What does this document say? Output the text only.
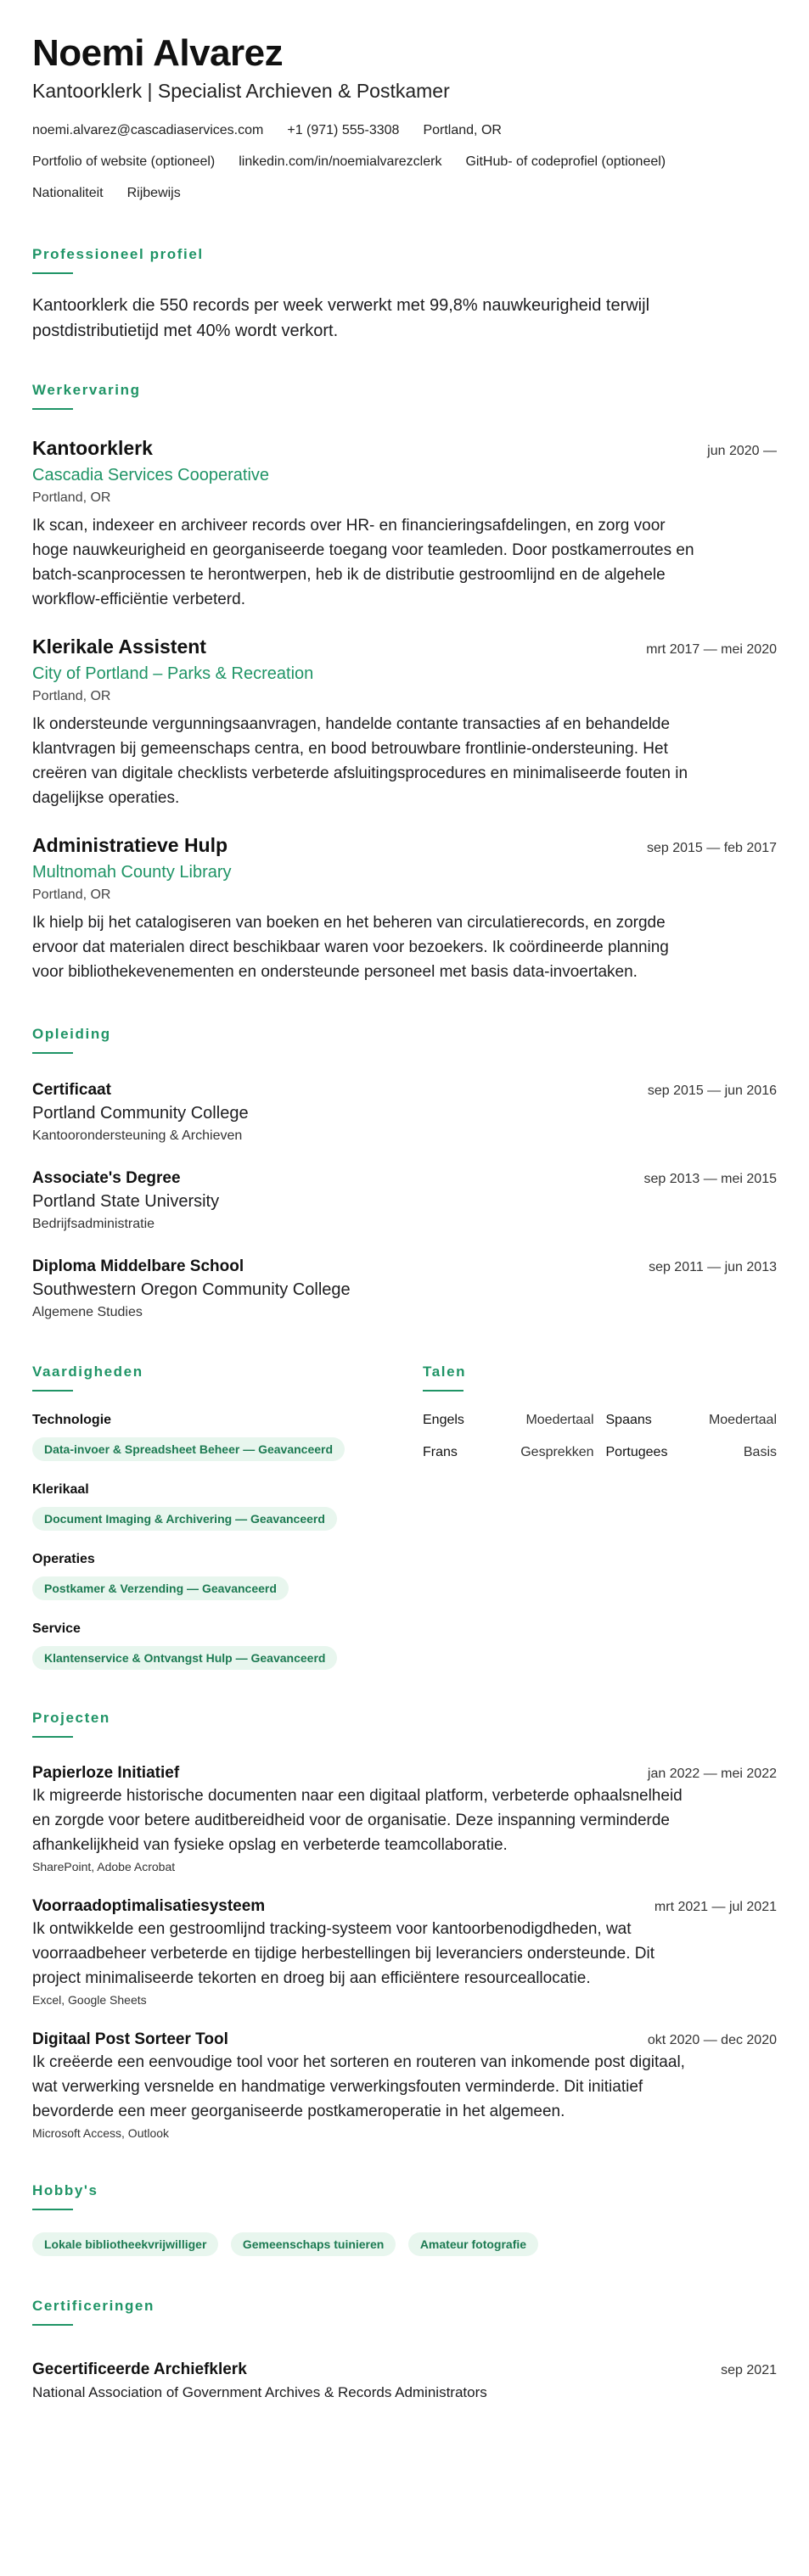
Noemi Alvarez
Kantoorklerk | Specialist Archieven & Postkamer
noemi.alvarez@cascadiaservices.com +1 (971) 555-3308 Portland, OR
Portfolio of website (optioneel) linkedin.com/in/noemialvarezclerk GitHub- of codeprofiel (optioneel)
Nationaliteit Rijbewijs
Professioneel profiel
Kantoorklerk die 550 records per week verwerkt met 99,8% nauwkeurigheid terwijl postdistributietijd met 40% wordt verkort.
Werkervaring
Kantoorklerk	jun 2020 —
Cascadia Services Cooperative
Portland, OR
Ik scan, indexeer en archiveer records over HR- en financieringsafdelingen, en zorg voor hoge nauwkeurigheid en georganiseerde toegang voor teamleden. Door postkamerroutes en batch-scanprocessen te herontwerpen, heb ik de distributie gestroomlijnd en de algehele workflow-efficiëntie verbeterd.
Klerikale Assistent	mrt 2017 — mei 2020
City of Portland – Parks & Recreation
Portland, OR
Ik ondersteunde vergunningsaanvragen, handelde contante transacties af en behandelde klantvragen bij gemeenschaps centra, en bood betrouwbare frontlinie-ondersteuning. Het creëren van digitale checklists verbeterde afsluitingsprocedures en minimaliseerde fouten in dagelijkse operaties.
Administratieve Hulp	sep 2015 — feb 2017
Multnomah County Library
Portland, OR
Ik hielp bij het catalogiseren van boeken en het beheren van circulatierecords, en zorgde ervoor dat materialen direct beschikbaar waren voor bezoekers. Ik coördineerde planning voor bibliothekevenementen en ondersteunde personeel met basis data-invoertaken.
Opleiding
Certificaat	sep 2015 — jun 2016
Portland Community College
Kantoorondersteuning & Archieven
Associate's Degree	sep 2013 — mei 2015
Portland State University
Bedrijfsadministratie
Diploma Middelbare School	sep 2011 — jun 2013
Southwestern Oregon Community College
Algemene Studies
Vaardigheden
Technologie
Data-invoer & Spreadsheet Beheer — Geavanceerd
Klerikaal
Document Imaging & Archivering — Geavanceerd
Operaties
Postkamer & Verzending — Geavanceerd
Service
Klantenservice & Ontvangst Hulp — Geavanceerd
Talen
Engels	Moedertaal Spaans	Moedertaal
Frans	Gesprekken Portugees	Basis
Projecten
Papierloze Initiatief	jan 2022 — mei 2022
Ik migreerde historische documenten naar een digitaal platform, verbeterde ophaalsnelheid en zorgde voor betere auditbereidheid voor de organisatie. Deze inspanning verminderde afhankelijkheid van fysieke opslag en verbeterde teamcollaboratie.
SharePoint, Adobe Acrobat
Voorraadoptimalisatiesysteem	mrt 2021 — jul 2021
Ik ontwikkelde een gestroomlijnd tracking-systeem voor kantoorbenodigdheden, wat voorraadbeheer verbeterde en tijdige herbestellingen bij leveranciers ondersteunde. Dit project minimaliseerde tekorten en droeg bij aan efficiëntere resourceallocatie.
Excel, Google Sheets
Digitaal Post Sorteer Tool	okt 2020 — dec 2020
Ik creëerde een eenvoudige tool voor het sorteren en routeren van inkomende post digitaal, wat verwerking versnelde en handmatige verwerkingsfouten verminderde. Dit initiatief bevorderde een meer georganiseerde postkameroperatie in het algemeen.
Microsoft Access, Outlook
Hobby's
Lokale bibliotheekvrijwilliger	Gemeenschaps tuinieren	Amateur fotografie
Certificeringen
Gecertificeerde Archiefklerk	sep 2021
National Association of Government Archives & Records Administrators
